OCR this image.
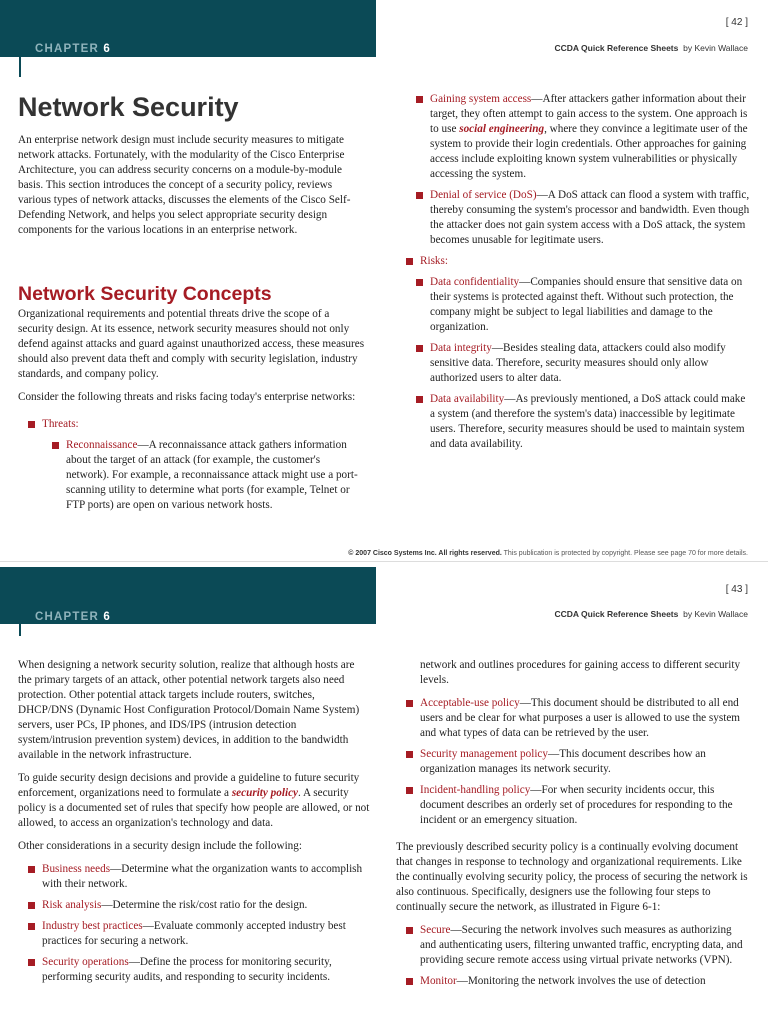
CHAPTER 6
[ 42 ]
CCDA Quick Reference Sheets by Kevin Wallace
Network Security

An enterprise network design must include security measures to mitigate network attacks. Fortunately, with the modularity of the Cisco Enterprise Architecture, you can address security concerns on a module-by-module basis. This section introduces the concept of a security policy, reviews various types of network attacks, discusses the elements of the Cisco Self-Defending Network, and helps you select appropriate security design components for the various locations in an enterprise network.

Network Security Concepts

Organizational requirements and potential threats drive the scope of a security design. At its essence, network security measures should not only defend against attacks and guard against unauthorized access, these measures should also prevent data theft and comply with security legislation, industry standards, and company policy.

Consider the following threats and risks facing today's enterprise networks:

Threats:
Reconnaissance—A reconnaissance attack gathers information about the target of an attack (for example, the customer's network). For example, a reconnaissance attack might use a port-scanning utility to determine what ports (for example, Telnet or FTP ports) are open on various network hosts.
Gaining system access—After attackers gather information about their target, they often attempt to gain access to the system. One approach is to use social engineering, where they convince a legitimate user of the system to provide their login credentials. Other approaches for gaining access include exploiting known system vulnerabilities or physically accessing the system.
Denial of service (DoS)—A DoS attack can flood a system with traffic, thereby consuming the system's processor and bandwidth. Even though the attacker does not gain system access with a DoS attack, the system becomes unusable for legitimate users.
Risks:
Data confidentiality—Companies should ensure that sensitive data on their systems is protected against theft. Without such protection, the company might be subject to legal liabilities and damage to the organization.
Data integrity—Besides stealing data, attackers could also modify sensitive data. Therefore, security measures should only allow authorized users to alter data.
Data availability—As previously mentioned, a DoS attack could make a system (and therefore the system's data) inaccessible by legitimate users. Therefore, security measures should be used to maintain system and data availability.
© 2007 Cisco Systems Inc. All rights reserved. This publication is protected by copyright. Please see page 70 for more details.
CHAPTER 6
[ 43 ]
CCDA Quick Reference Sheets by Kevin Wallace

When designing a network security solution, realize that although hosts are the primary targets of an attack, other potential network targets also need protection. Other potential attack targets include routers, switches, DHCP/DNS (Dynamic Host Configuration Protocol/Domain Name System) servers, user PCs, IP phones, and IDS/IPS (intrusion detection system/intrusion prevention system) devices, in addition to the bandwidth available in the network infrastructure.

To guide security design decisions and provide a guideline to future security enforcement, organizations need to formulate a security policy. A security policy is a documented set of rules that specify how people are allowed, or not allowed, to access an organization's technology and data.

Other considerations in a security design include the following:

Business needs—Determine what the organization wants to accomplish with their network.
Risk analysis—Determine the risk/cost ratio for the design.
Industry best practices—Evaluate commonly accepted industry best practices for securing a network.
Security operations—Define the process for monitoring security, performing security audits, and responding to security incidents.

network and outlines procedures for gaining access to different security levels.

Acceptable-use policy—This document should be distributed to all end users and be clear for what purposes a user is allowed to use the system and what types of data can be retrieved by the user.
Security management policy—This document describes how an organization manages its network security.
Incident-handling policy—For when security incidents occur, this document describes an orderly set of procedures for responding to the incident or an emergency situation.

The previously described security policy is a continually evolving document that changes in response to technology and organizational requirements. Like the continually evolving security policy, the process of securing the network is also continuous. Specifically, designers use the following four steps to continually secure the network, as illustrated in Figure 6-1:

Secure—Securing the network involves such measures as authorizing and authenticating users, filtering unwanted traffic, encrypting data, and providing secure remote access using virtual private networks (VPN).
Monitor—Monitoring the network involves the use of detection
